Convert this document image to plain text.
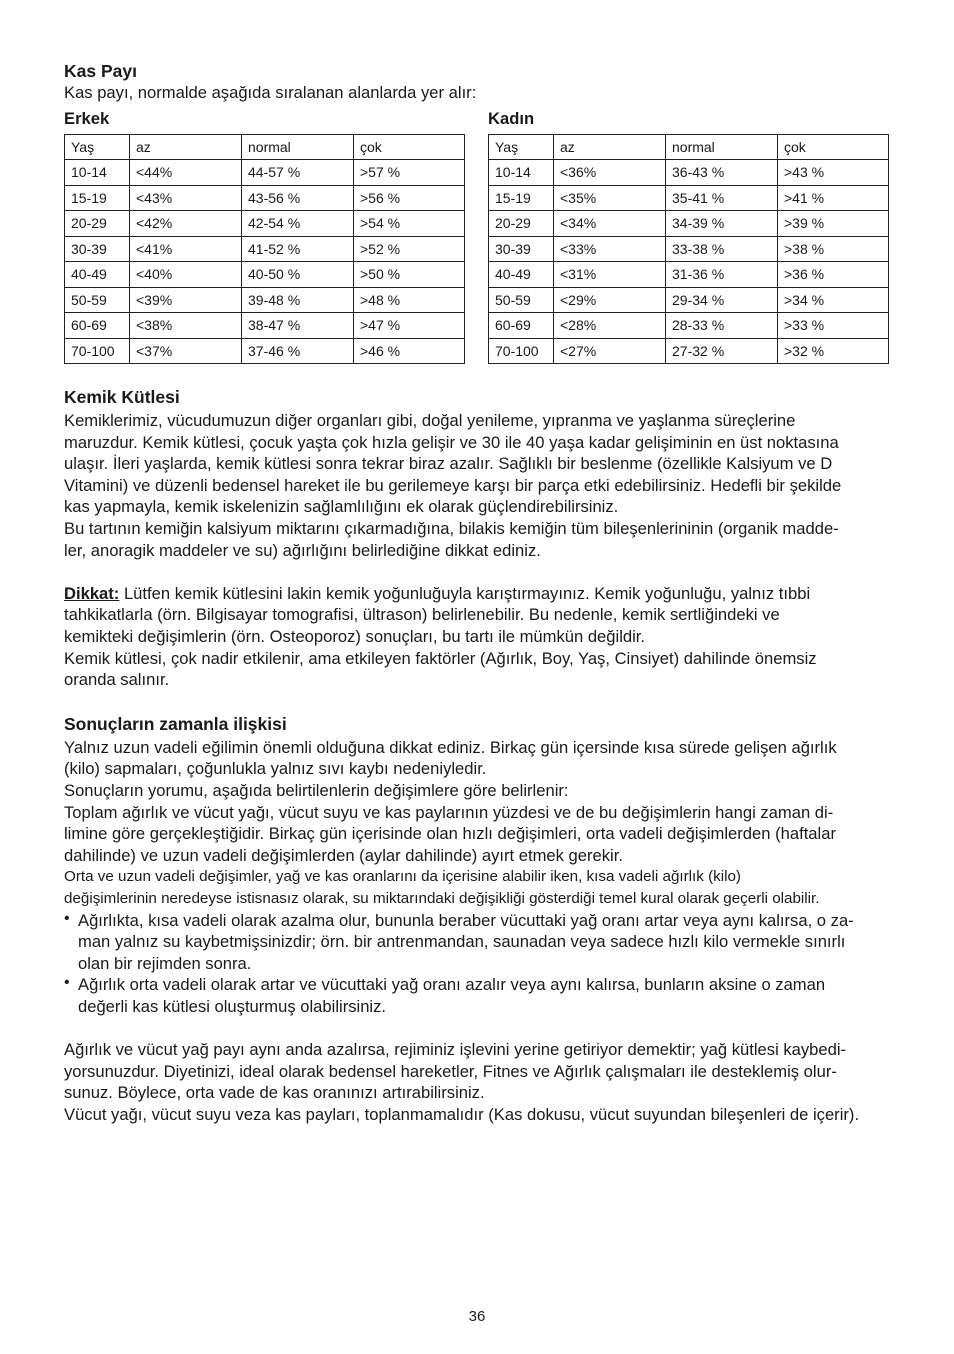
Kas Payı

Kas payı, normalde aşağıda sıralanan alanlarda yer alır:

Erkek
Yaş	az	normal	çok
10-14	<44%	44-57 %	>57 %
15-19	<43%	43-56 %	>56 %
20-29	<42%	42-54 %	>54 %
30-39	<41%	41-52 %	>52 %
40-49	<40%	40-50 %	>50 %
50-59	<39%	39-48 %	>48 %
60-69	<38%	38-47 %	>47 %
70-100	<37%	37-46 %	>46 %
Kadın
Yaş	az	normal	çok
10-14	<36%	36-43 %	>43 %
15-19	<35%	35-41 %	>41 %
20-29	<34%	34-39 %	>39 %
30-39	<33%	33-38 %	>38 %
40-49	<31%	31-36 %	>36 %
50-59	<29%	29-34 %	>34 %
60-69	<28%	28-33 %	>33 %
70-100	<27%	27-32 %	>32 %
Kemik Kütlesi

Kemiklerimiz, vücudumuzun diğer organları gibi, doğal yenileme, yıpranma ve yaşlanma süreçlerine

maruzdur. Kemik kütlesi, çocuk yaşta çok hızla gelişir ve 30 ile 40 yaşa kadar gelişiminin en üst noktasına

ulaşır. İleri yaşlarda, kemik kütlesi sonra tekrar biraz azalır. Sağlıklı bir beslenme (özellikle Kalsiyum ve D

Vitamini) ve düzenli bedensel hareket ile bu gerilemeye karşı bir parça etki edebilirsiniz. Hedefli bir şekilde

kas yapmayla, kemik iskelenizin sağlamlılığını ek olarak güçlendirebilirsiniz.

Bu tartının kemiğin kalsiyum miktarını çıkarmadığına, bilakis kemiğin tüm bileşenlerininin (organik madde-

ler, anoragik maddeler ve su) ağırlığını belirlediğine dikkat ediniz.

Dikkat: Lütfen kemik kütlesini lakin kemik yoğunluğuyla karıştırmayınız. Kemik yoğunluğu, yalnız tıbbi

tahkikatlarla (örn. Bilgisayar tomografisi, ültrason) belirlenebilir. Bu nedenle, kemik sertliğindeki ve

kemikteki değişimlerin (örn. Osteoporoz) sonuçları, bu tartı ile mümkün değildir.

Kemik kütlesi, çok nadir etkilenir, ama etkileyen faktörler (Ağırlık, Boy, Yaş, Cinsiyet) dahilinde önemsiz

oranda salınır.

Sonuçların zamanla ilişkisi

Yalnız uzun vadeli eğilimin önemli olduğuna dikkat ediniz. Birkaç gün içersinde kısa sürede gelişen ağırlık

(kilo) sapmaları, çoğunlukla yalnız sıvı kaybı nedeniyledir.

Sonuçların yorumu, aşağıda belirtilenlerin değişimlere göre belirlenir:

Toplam ağırlık ve vücut yağı, vücut suyu ve kas paylarının yüzdesi ve de bu değişimlerin hangi zaman di-

limine göre gerçekleştiğidir. Birkaç gün içerisinde olan hızlı değişimleri, orta vadeli değişimlerden (haftalar

dahilinde) ve uzun vadeli değişimlerden (aylar dahilinde) ayırt etmek gerekir.

Orta ve uzun vadeli değişimler, yağ ve kas oranlarını da içerisine alabilir iken, kısa vadeli ağırlık (kilo)

değişimlerinin neredeyse istisnasız olarak, su miktarındaki değişikliği gösterdiği temel kural olarak geçerli olabilir.

• Ağırlıkta, kısa vadeli olarak azalma olur, bununla beraber vücuttaki yağ oranı artar veya aynı kalırsa, o za-

man yalnız su kaybetmişsinizdir; örn. bir antrenmandan, saunadan veya sadece hızlı kilo vermekle sınırlı

olan bir rejimden sonra.

• Ağırlık orta vadeli olarak artar ve vücuttaki yağ oranı azalır veya aynı kalırsa, bunların aksine o zaman

değerli kas kütlesi oluşturmuş olabilirsiniz.

Ağırlık ve vücut yağ payı aynı anda azalırsa, rejiminiz işlevini yerine getiriyor demektir; yağ kütlesi kaybedi-

yorsunuzdur. Diyetinizi, ideal olarak bedensel hareketler, Fitnes ve Ağırlık çalışmaları ile desteklemiş olur-

sunuz. Böylece, orta vade de kas oranınızı artırabilirsiniz.

Vücut yağı, vücut suyu veza kas payları, toplanmamalıdır (Kas dokusu, vücut suyundan bileşenleri de içerir).

36
